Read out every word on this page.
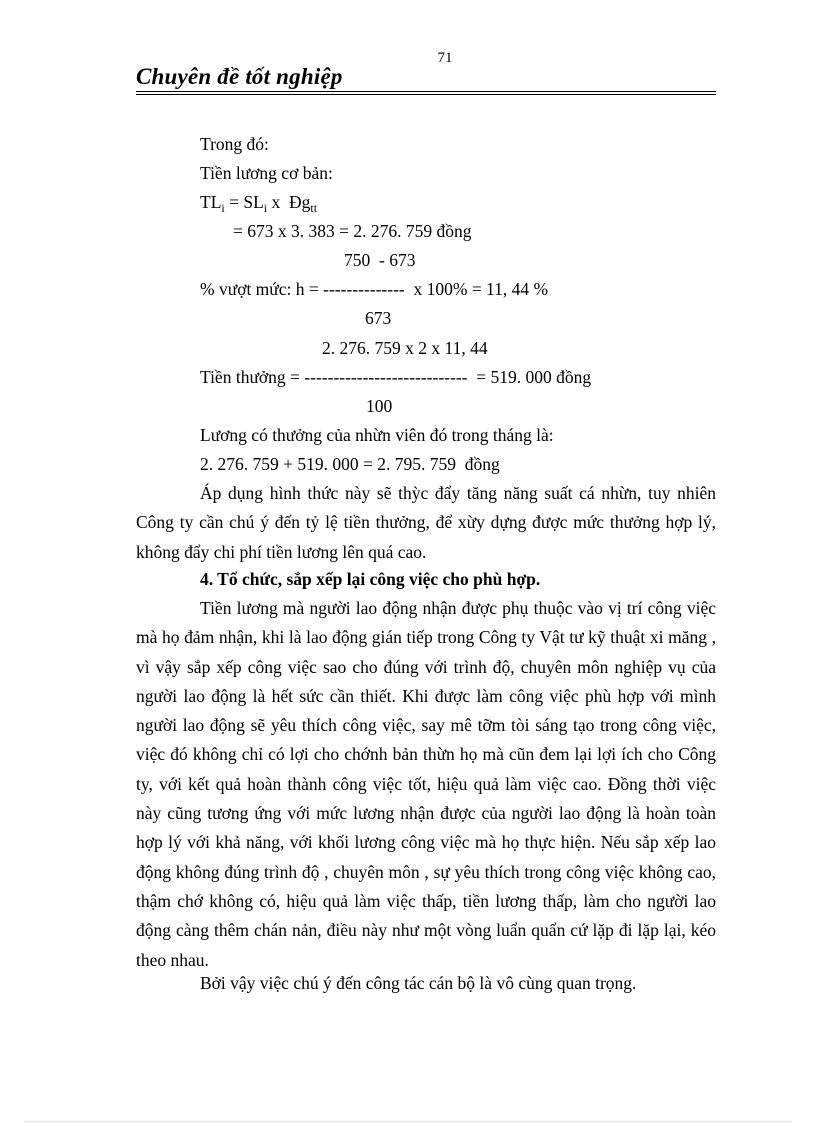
71
Chuyên đề tốt nghiệp
Trong đó:
Tiền lương cơ bản:
$TL_i = SL_i$ x  $Đg_{tt}$
= 673 x 3. 383 = 2. 276. 759 đồng
750  - 673
% vượt mức: h = --------------  x 100% = 11, 44 %
673
2. 276. 759 x 2 x 11, 44
Tiền thưởng = ----------------------------  = 519. 000 đồng
100
Lương có thưởng của nhừn viên đó trong tháng là:
2. 276. 759 + 519. 000 = 2. 795. 759  đồng

Áp dụng hình thức này sẽ thỳc đẩy tăng năng suất cá nhừn, tuy nhiên Công ty cần chú ý đến tỷ lệ tiền thưởng, để xừy dựng được mức thưởng hợp lý, không đẩy chi phí tiền lương lên quá cao.

4. Tổ chức, sắp xếp lại công việc cho phù hợp.

Tiền lương mà người lao động nhận được phụ thuộc vào vị trí công việc mà họ đảm nhận, khi là lao động gián tiếp trong Công ty Vật tư kỹ thuật xi măng , vì vậy sắp xếp công việc sao cho đúng với trình độ, chuyên môn nghiệp vụ của người lao động là hết sức cần thiết. Khi được làm công việc phù hợp với mình người lao động sẽ yêu thích công việc, say mê tỡm tòi sáng tạo trong công việc, việc đó không chỉ có lợi cho chớnh bản thừn họ mà cũn đem lại lợi ích cho Công ty, với kết quả hoàn thành công việc tốt, hiệu quả làm việc cao. Đồng thời việc này cũng tương ứng với mức lương nhận được của người lao động là hoàn toàn hợp lý với khả năng, với khối lương công việc mà họ thực hiện. Nếu sắp xếp lao động không đúng trình độ , chuyên môn , sự yêu thích trong công việc không cao, thậm chớ không có, hiệu quả làm việc thấp, tiền lương thấp, làm cho người lao động càng thêm chán nản, điều này như một vòng luẩn quẩn cứ lặp đi lặp lại, kéo theo nhau.

Bởi vậy việc chú ý đến công tác cán bộ là vô cùng quan trọng.
